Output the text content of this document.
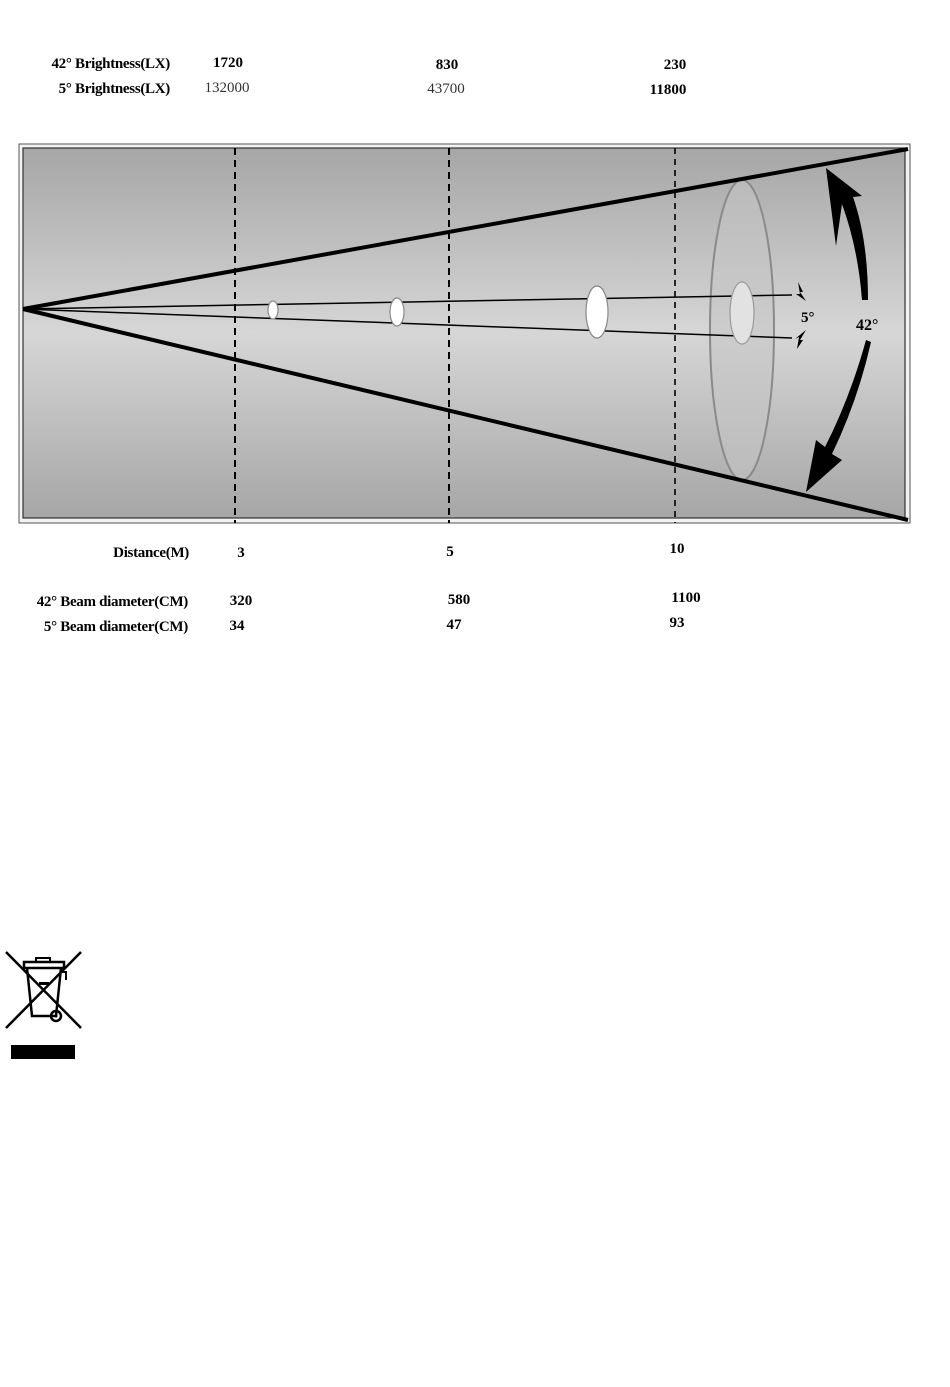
42° Brightness(LX)	1720	830	230
5° Brightness(LX) 132000	43700	11800
5°	42°
Distance(M)	3	5	10
42° Beam diameter(CM)	320	580	1100
5° Beam diameter(CM)	34	47	93
